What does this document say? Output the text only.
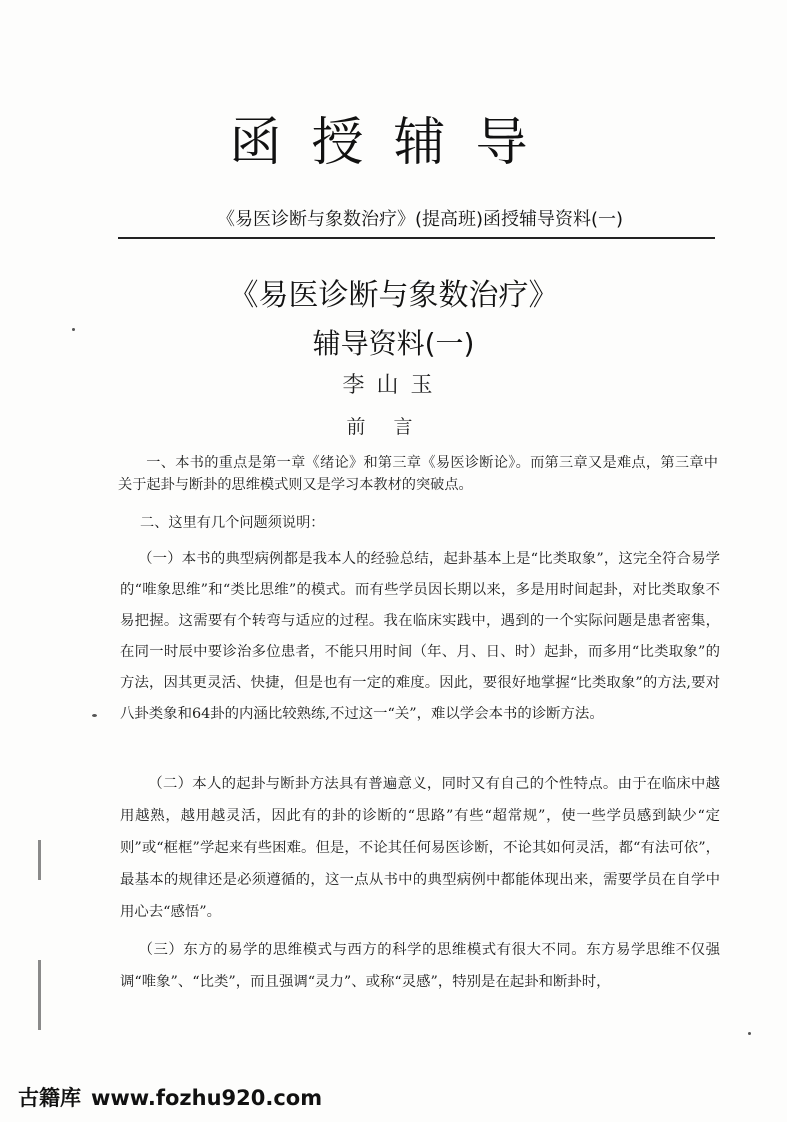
函授辅导
《易医诊断与象数治疗》(提高班)函授辅导资料(一)
《易医诊断与象数治疗》
辅导资料(一)
李山玉
前言
一、本书的重点是第一章《绪论》和第三章《易医诊断论》。而第三章又是难点，第三章中关于起卦与断卦的思维模式则又是学习本教材的突破点。
二、这里有几个问题须说明：
（一）本书的典型病例都是我本人的经验总结，起卦基本上是“比类取象”，这完全符合易学的“唯象思维”和“类比思维”的模式。而有些学员因长期以来，多是用时间起卦，对比类取象不易把握。这需要有个转弯与适应的过程。我在临床实践中，遇到的一个实际问题是患者密集，在同一时辰中要诊治多位患者，不能只用时间（年、月、日、时）起卦，而多用“比类取象”的方法，因其更灵活、快捷，但是也有一定的难度。因此，要很好地掌握“比类取象”的方法,要对八卦类象和64卦的内涵比较熟练,不过这一“关”，难以学会本书的诊断方法。
（二）本人的起卦与断卦方法具有普遍意义，同时又有自己的个性特点。由于在临床中越用越熟，越用越灵活，因此有的卦的诊断的“思路”有些“超常规”，使一些学员感到缺少“定则”或“框框”学起来有些困难。但是，不论其任何易医诊断，不论其如何灵活，都“有法可依”，最基本的规律还是必须遵循的，这一点从书中的典型病例中都能体现出来，需要学员在自学中用心去“感悟”。
（三）东方的易学的思维模式与西方的科学的思维模式有很大不同。东方易学思维不仅强调“唯象”、“比类”，而且强调“灵力”、或称“灵感”，特别是在起卦和断卦时，
古籍库 www.fozhu920.com
